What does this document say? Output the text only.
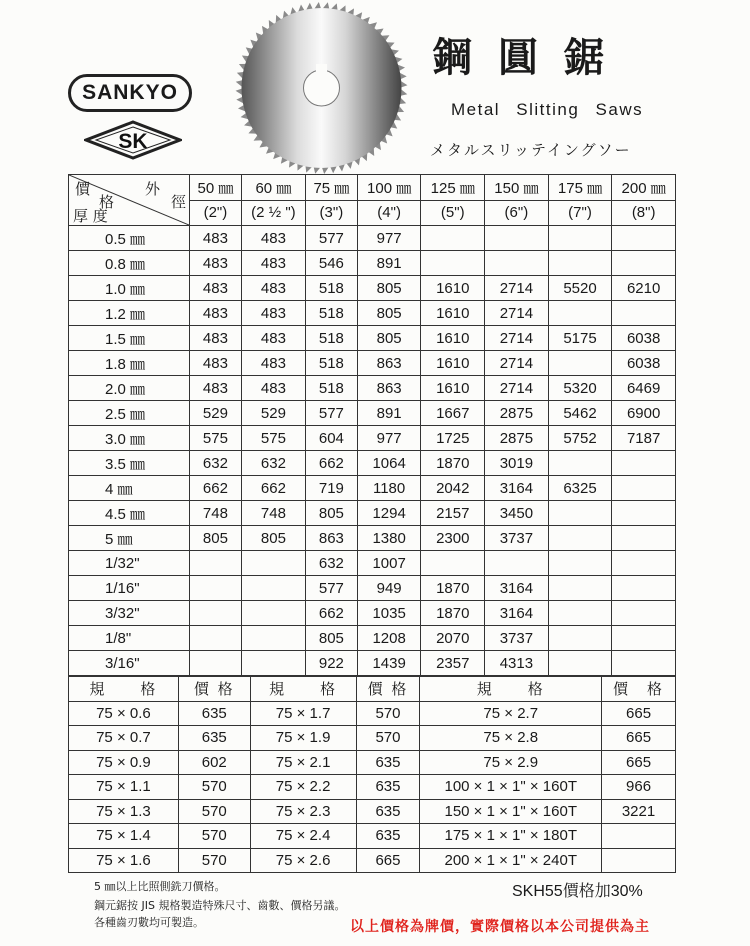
SANKYO
SK
鋼圓鋸
Metal Slitting Saws
メタルスリッテイングソー
價 外
格 徑
厚 度	50 ㎜	60 ㎜	75 ㎜	100 ㎜	125 ㎜	150 ㎜	175 ㎜	200 ㎜
	(2")	(2 ½ ")	(3")	(4")	(5")	(6")	(7")	(8")
0.5 ㎜	483	483	577	977				
0.8 ㎜	483	483	546	891				
1.0 ㎜	483	483	518	805	1610	2714	5520	6210
1.2 ㎜	483	483	518	805	1610	2714		
1.5 ㎜	483	483	518	805	1610	2714	5175	6038
1.8 ㎜	483	483	518	863	1610	2714		6038
2.0 ㎜	483	483	518	863	1610	2714	5320	6469
2.5 ㎜	529	529	577	891	1667	2875	5462	6900
3.0 ㎜	575	575	604	977	1725	2875	5752	7187
3.5 ㎜	632	632	662	1064	1870	3019		
4 ㎜	662	662	719	1180	2042	3164	6325	
4.5 ㎜	748	748	805	1294	2157	3450		
5 ㎜	805	805	863	1380	2300	3737		
1/32"			632	1007				
1/16"			577	949	1870	3164		
3/32"			662	1035	1870	3164		
1/8"			805	1208	2070	3737		
3/16"			922	1439	2357	4313		
規　　格	價 格	規　　格	價 格	規　　格	價　格
75 × 0.6	635	75 × 1.7	570	75 × 2.7	665
75 × 0.7	635	75 × 1.9	570	75 × 2.8	665
75 × 0.9	602	75 × 2.1	635	75 × 2.9	665
75 × 1.1	570	75 × 2.2	635	100 × 1 × 1" × 160T	966
75 × 1.3	570	75 × 2.3	635	150 × 1 × 1" × 160T	3221
75 × 1.4	570	75 × 2.4	635	175 × 1 × 1" × 180T	
75 × 1.6	570	75 × 2.6	665	200 × 1 × 1" × 240T	
5 ㎜以上比照側銑刀價格。
鋼元鋸按 JIS 規格製造特殊尺寸、齒數、價格另議。
各種齒刃數均可製造。
SKH55價格加30%
以上價格為牌價，實際價格以本公司提供為主
